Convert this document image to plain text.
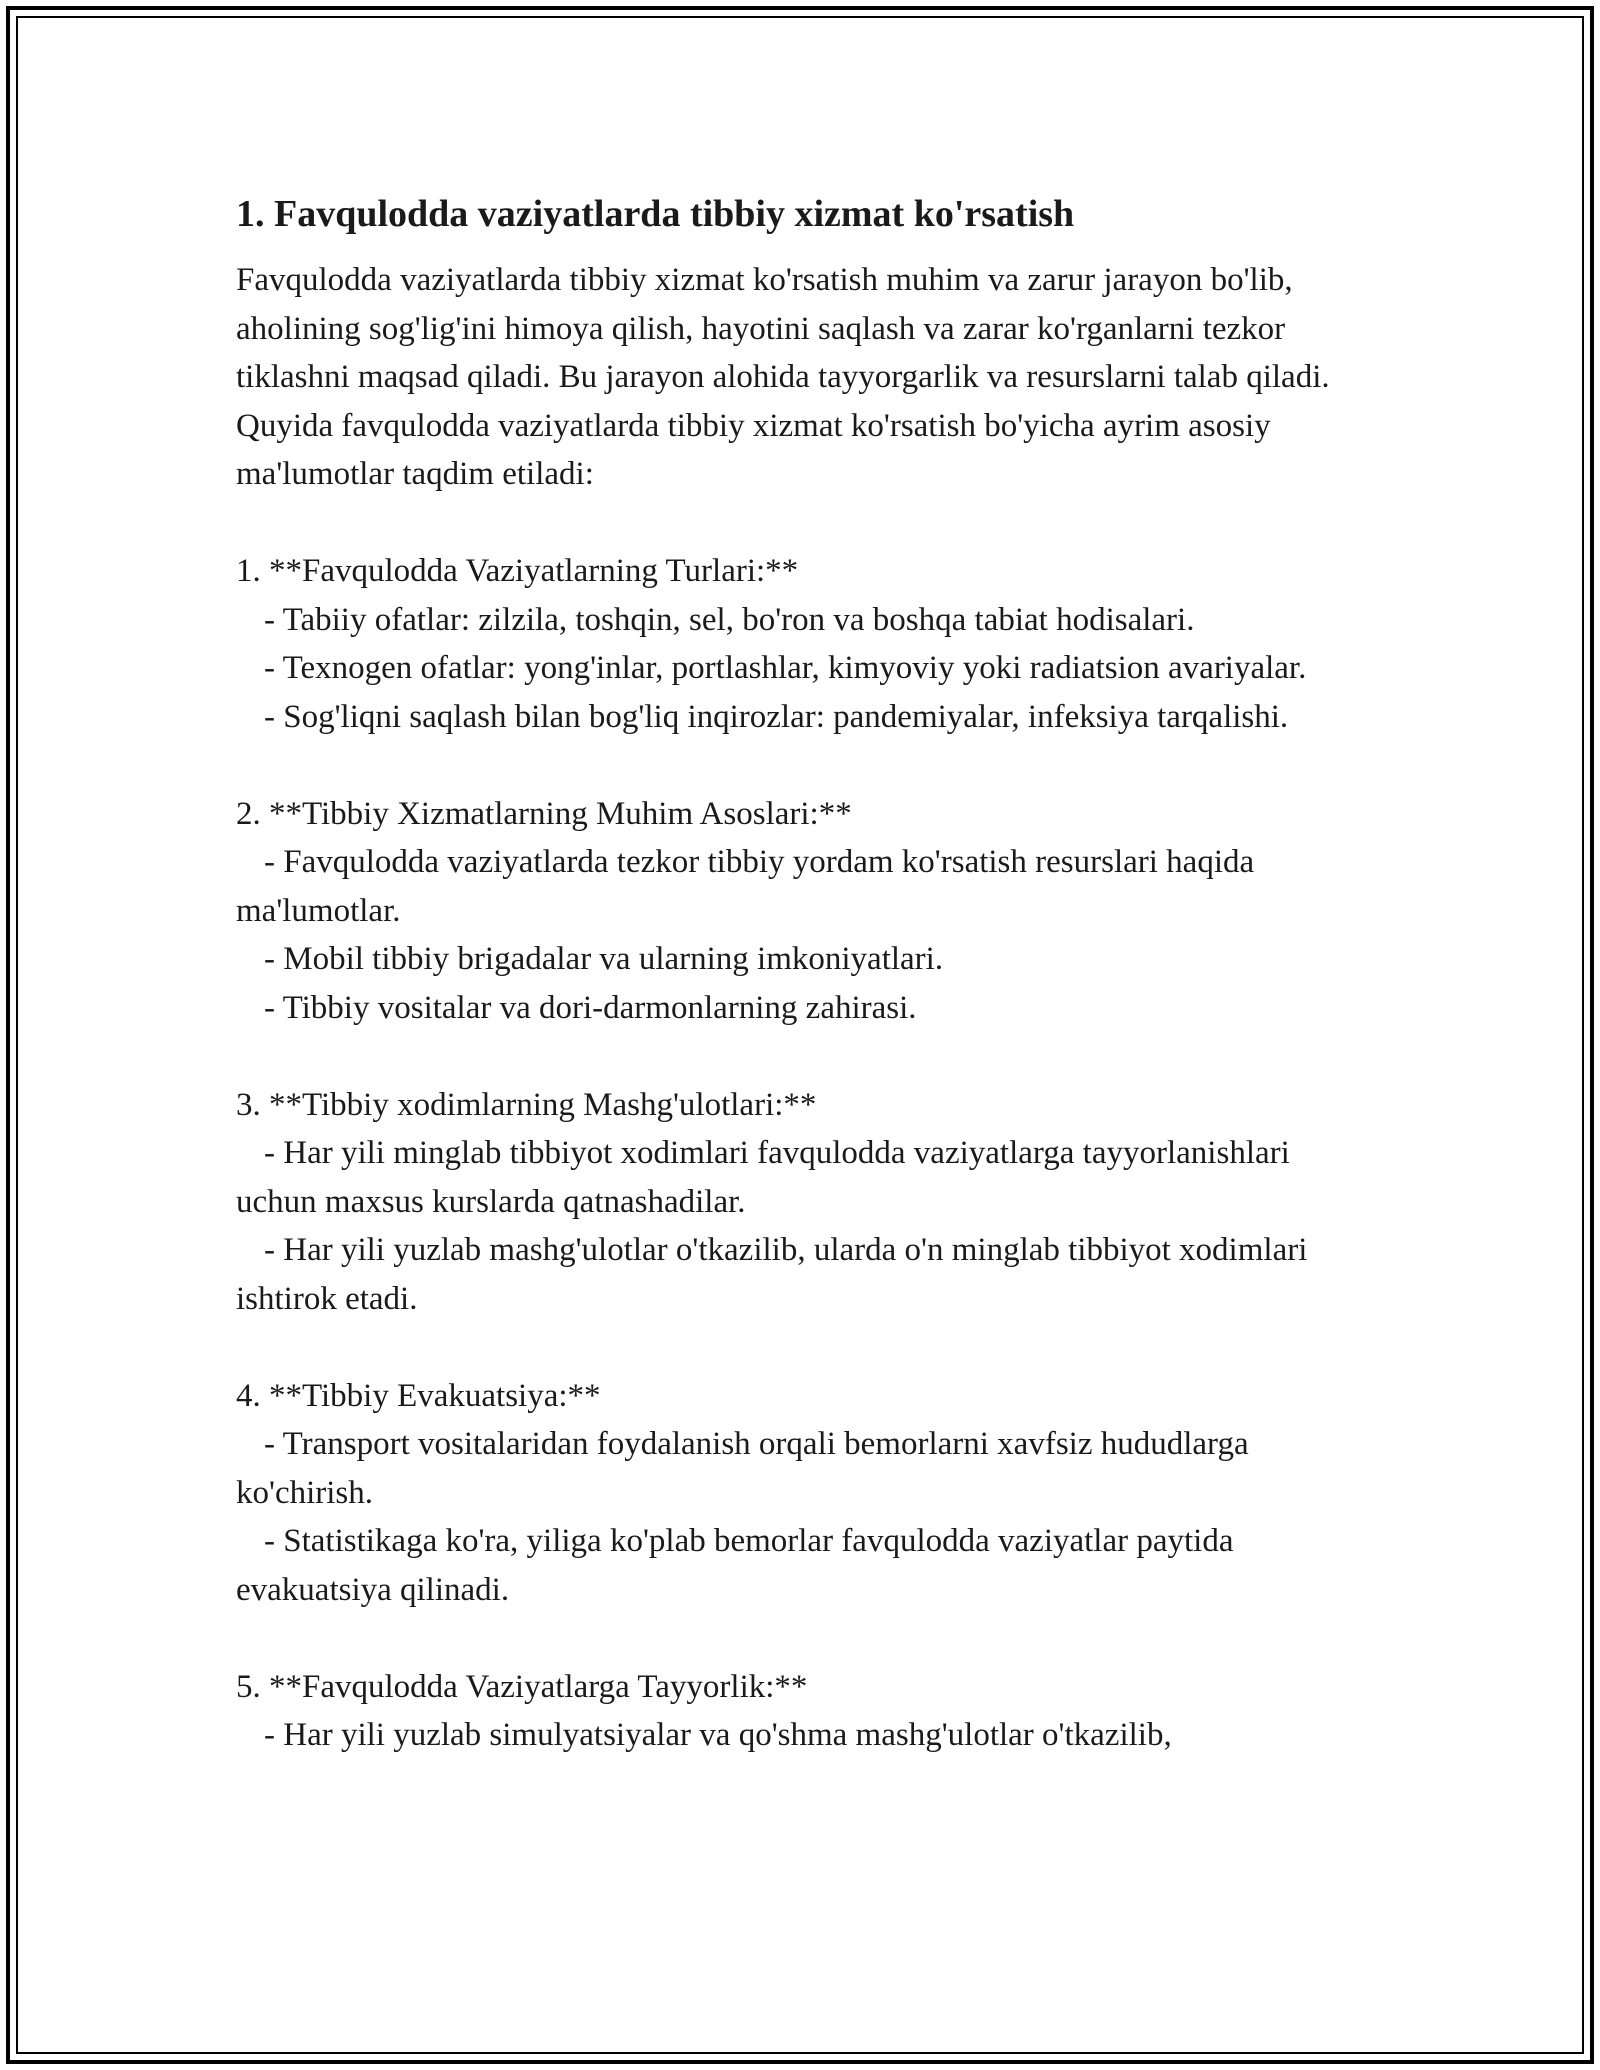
1. Favqulodda vaziyatlarda tibbiy xizmat ko'rsatish

Favqulodda vaziyatlarda tibbiy xizmat ko'rsatish muhim va zarur jarayon bo'lib, aholining sog'lig'ini himoya qilish, hayotini saqlash va zarar ko'rganlarni tezkor tiklashni maqsad qiladi. Bu jarayon alohida tayyorgarlik va resurslarni talab qiladi. Quyida favqulodda vaziyatlarda tibbiy xizmat ko'rsatish bo'yicha ayrim asosiy ma'lumotlar taqdim etiladi:

1. **Favqulodda Vaziyatlarning Turlari:**
- Tabiiy ofatlar: zilzila, toshqin, sel, bo'ron va boshqa tabiat hodisalari.
- Texnogen ofatlar: yong'inlar, portlashlar, kimyoviy yoki radiatsion avariyalar.
- Sog'liqni saqlash bilan bog'liq inqirozlar: pandemiyalar, infeksiya tarqalishi.
2. **Tibbiy Xizmatlarning Muhim Asoslari:**
- Favqulodda vaziyatlarda tezkor tibbiy yordam ko'rsatish resurslari haqida ma'lumotlar.
- Mobil tibbiy brigadalar va ularning imkoniyatlari.
- Tibbiy vositalar va dori-darmonlarning zahirasi.
3. **Tibbiy xodimlarning Mashg'ulotlari:**
- Har yili minglab tibbiyot xodimlari favqulodda vaziyatlarga tayyorlanishlari uchun maxsus kurslarda qatnashadilar.
- Har yili yuzlab mashg'ulotlar o'tkazilib, ularda o'n minglab tibbiyot xodimlari ishtirok etadi.
4. **Tibbiy Evakuatsiya:**
- Transport vositalaridan foydalanish orqali bemorlarni xavfsiz hududlarga ko'chirish.
- Statistikaga ko'ra, yiliga ko'plab bemorlar favqulodda vaziyatlar paytida evakuatsiya qilinadi.
5. **Favqulodda Vaziyatlarga Tayyorlik:**
- Har yili yuzlab simulyatsiyalar va qo'shma mashg'ulotlar o'tkazilib,
